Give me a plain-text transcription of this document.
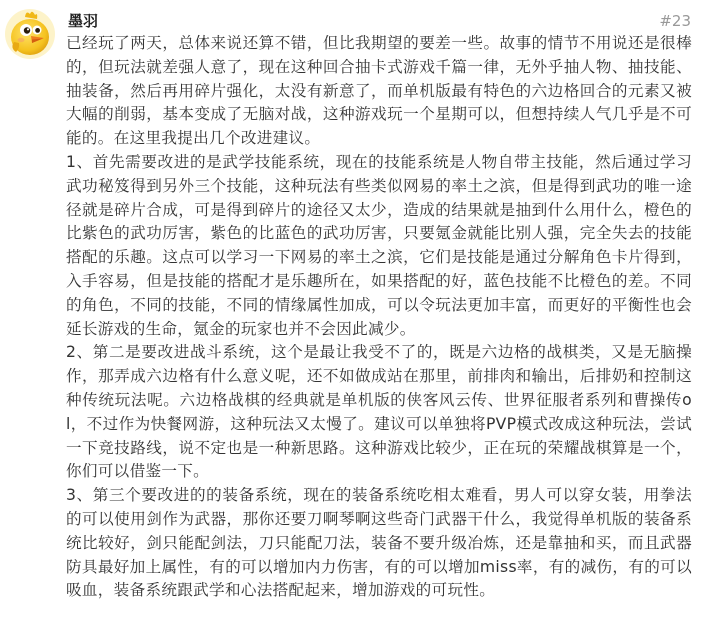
墨羽	#23

已经玩了两天，总体来说还算不错，但比我期望的要差一些。故事的情节不用说还是很棒的，但玩法就差强人意了，现在这种回合抽卡式游戏千篇一律，无外乎抽人物、抽技能、抽装备，然后再用碎片强化，太没有新意了，而单机版最有特色的六边格回合的元素又被大幅的削弱，基本变成了无脑对战，这种游戏玩一个星期可以，但想持续人气几乎是不可能的。在这里我提出几个改进建议。

1、首先需要改进的是武学技能系统，现在的技能系统是人物自带主技能，然后通过学习武功秘笈得到另外三个技能，这种玩法有些类似网易的率土之滨，但是得到武功的唯一途径就是碎片合成，可是得到碎片的途径又太少，造成的结果就是抽到什么用什么，橙色的比紫色的武功厉害，紫色的比蓝色的武功厉害，只要氪金就能比别人强，完全失去的技能搭配的乐趣。这点可以学习一下网易的率土之滨，它们是技能是通过分解角色卡片得到，入手容易，但是技能的搭配才是乐趣所在，如果搭配的好，蓝色技能不比橙色的差。不同的角色，不同的技能，不同的情缘属性加成，可以令玩法更加丰富，而更好的平衡性也会延长游戏的生命，氪金的玩家也并不会因此减少。

2、第二是要改进战斗系统，这个是最让我受不了的，既是六边格的战棋类，又是无脑操作，那弄成六边格有什么意义呢，还不如做成站在那里，前排肉和输出，后排奶和控制这种传统玩法呢。六边格战棋的经典就是单机版的侠客风云传、世界征服者系列和曹操传ol，不过作为快餐网游，这种玩法又太慢了。建议可以单独将PVP模式改成这种玩法，尝试一下竞技路线，说不定也是一种新思路。这种游戏比较少，正在玩的荣耀战棋算是一个，你们可以借鉴一下。

3、第三个要改进的的装备系统，现在的装备系统吃相太难看，男人可以穿女装，用拳法的可以使用剑作为武器，那你还要刀啊琴啊这些奇门武器干什么，我觉得单机版的装备系统比较好，剑只能配剑法，刀只能配刀法，装备不要升级冶炼，还是靠抽和买，而且武器防具最好加上属性，有的可以增加内力伤害，有的可以增加miss率，有的减伤，有的可以吸血，装备系统跟武学和心法搭配起来，增加游戏的可玩性。
